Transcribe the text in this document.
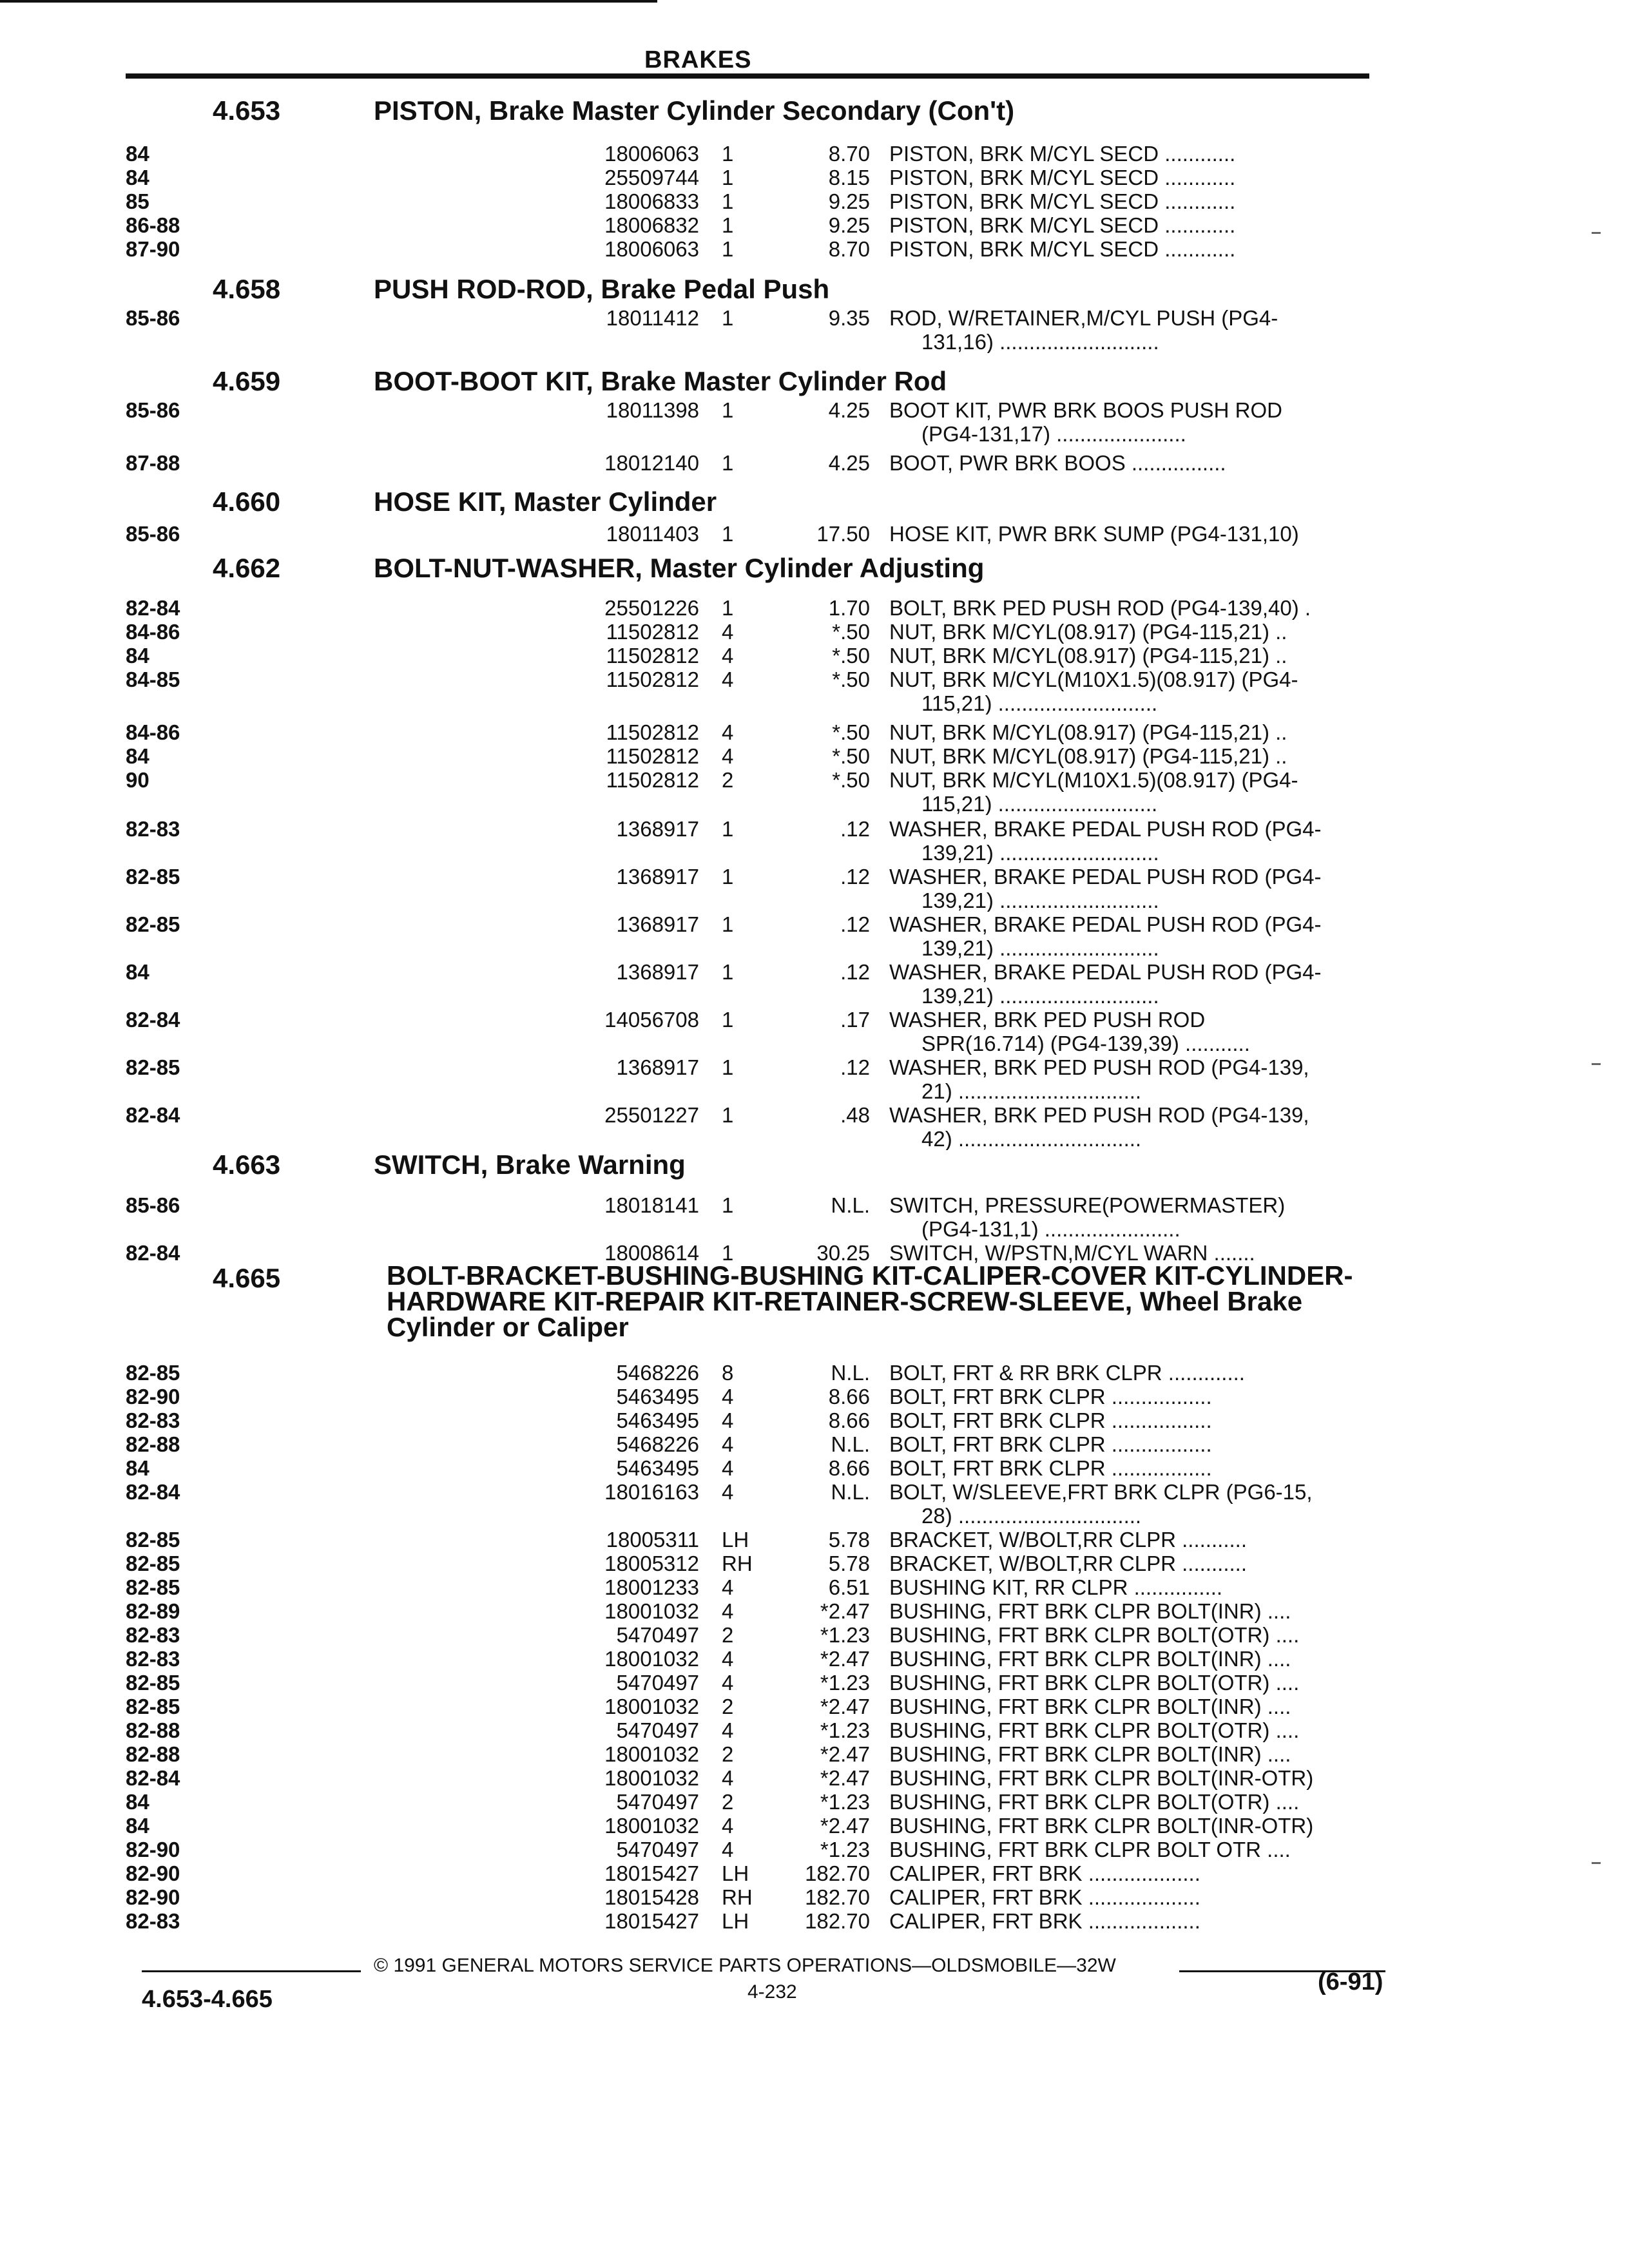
BRAKES
4.653	PISTON, Brake Master Cylinder Secondary (Con't)
4.658	PUSH ROD-ROD, Brake Pedal Push
4.659	BOOT-BOOT KIT, Brake Master Cylinder Rod
4.660	HOSE KIT, Master Cylinder
4.662	BOLT-NUT-WASHER, Master Cylinder Adjusting
4.663	SWITCH, Brake Warning
4.665	BOLT-BRACKET-BUSHING-BUSHING KIT-CALIPER-COVER KIT-CYLINDER-HARDWARE KIT-REPAIR KIT-RETAINER-SCREW-SLEEVE, Wheel Brake Cylinder or Caliper
84	18006063 1	8.70 PISTON, BRK M/CYL SECD ............
84	25509744 1	8.15 PISTON, BRK M/CYL SECD ............
85	18006833 1	9.25 PISTON, BRK M/CYL SECD ............
86-88	18006832 1	9.25 PISTON, BRK M/CYL SECD ............
87-90	18006063 1	8.70 PISTON, BRK M/CYL SECD ............
85-86	18011412 1	9.35 ROD, W/RETAINER,M/CYL PUSH (PG4-
131,16) ...........................
85-86	18011398 1	4.25 BOOT KIT, PWR BRK BOOS PUSH ROD
(PG4-131,17) ......................
87-88	18012140 1	4.25 BOOT, PWR BRK BOOS ................
85-86	18011403 1	17.50 HOSE KIT, PWR BRK SUMP (PG4-131,10)
82-84	25501226 1	1.70 BOLT, BRK PED PUSH ROD (PG4-139,40) .
84-86	11502812 4	*.50 NUT, BRK M/CYL(08.917) (PG4-115,21) ..
84	11502812 4	*.50 NUT, BRK M/CYL(08.917) (PG4-115,21) ..
84-85	11502812 4	*.50 NUT, BRK M/CYL(M10X1.5)(08.917) (PG4-
115,21) ...........................
84-86	11502812 4	*.50 NUT, BRK M/CYL(08.917) (PG4-115,21) ..
84	11502812 4	*.50 NUT, BRK M/CYL(08.917) (PG4-115,21) ..
90	11502812 2	*.50 NUT, BRK M/CYL(M10X1.5)(08.917) (PG4-
115,21) ...........................
82-83	1368917 1	.12 WASHER, BRAKE PEDAL PUSH ROD (PG4-
139,21) ...........................
82-85	1368917 1	.12 WASHER, BRAKE PEDAL PUSH ROD (PG4-
139,21) ...........................
82-85	1368917 1	.12 WASHER, BRAKE PEDAL PUSH ROD (PG4-
139,21) ...........................
84	1368917 1	.12 WASHER, BRAKE PEDAL PUSH ROD (PG4-
139,21) ...........................
82-84	14056708 1	.17 WASHER, BRK PED PUSH ROD
SPR(16.714) (PG4-139,39) ...........
82-85	1368917 1	.12 WASHER, BRK PED PUSH ROD (PG4-139,
21) ...............................
82-84	25501227 1	.48 WASHER, BRK PED PUSH ROD (PG4-139,
42) ...............................
85-86	18018141 1	N.L. SWITCH, PRESSURE(POWERMASTER)
(PG4-131,1) .......................
82-84	18008614 1	30.25 SWITCH, W/PSTN,M/CYL WARN .......
82-85	5468226 8	N.L. BOLT, FRT & RR BRK CLPR .............
82-90	5463495 4	8.66 BOLT, FRT BRK CLPR .................
82-83	5463495 4	8.66 BOLT, FRT BRK CLPR .................
82-88	5468226 4	N.L. BOLT, FRT BRK CLPR .................
84	5463495 4	8.66 BOLT, FRT BRK CLPR .................
82-84	18016163 4	N.L. BOLT, W/SLEEVE,FRT BRK CLPR (PG6-15,
28) ...............................
82-85	18005311 LH	5.78 BRACKET, W/BOLT,RR CLPR ...........
82-85	18005312 RH	5.78 BRACKET, W/BOLT,RR CLPR ...........
82-85	18001233 4	6.51 BUSHING KIT, RR CLPR ...............
82-89	18001032 4	*2.47 BUSHING, FRT BRK CLPR BOLT(INR) ....
82-83	5470497 2	*1.23 BUSHING, FRT BRK CLPR BOLT(OTR) ....
82-83	18001032 4	*2.47 BUSHING, FRT BRK CLPR BOLT(INR) ....
82-85	5470497 4	*1.23 BUSHING, FRT BRK CLPR BOLT(OTR) ....
82-85	18001032 2	*2.47 BUSHING, FRT BRK CLPR BOLT(INR) ....
82-88	5470497 4	*1.23 BUSHING, FRT BRK CLPR BOLT(OTR) ....
82-88	18001032 2	*2.47 BUSHING, FRT BRK CLPR BOLT(INR) ....
82-84	18001032 4	*2.47 BUSHING, FRT BRK CLPR BOLT(INR-OTR)
84	5470497 2	*1.23 BUSHING, FRT BRK CLPR BOLT(OTR) ....
84	18001032 4	*2.47 BUSHING, FRT BRK CLPR BOLT(INR-OTR)
82-90	5470497 4	*1.23 BUSHING, FRT BRK CLPR BOLT OTR ....
82-90	18015427 LH	182.70 CALIPER, FRT BRK ...................
82-90	18015428 RH	182.70 CALIPER, FRT BRK ...................
82-83	18015427 LH	182.70 CALIPER, FRT BRK ...................
© 1991 GENERAL MOTORS SERVICE PARTS OPERATIONS—OLDSMOBILE—32W
4.653-4.665	4-232	(6-91)
